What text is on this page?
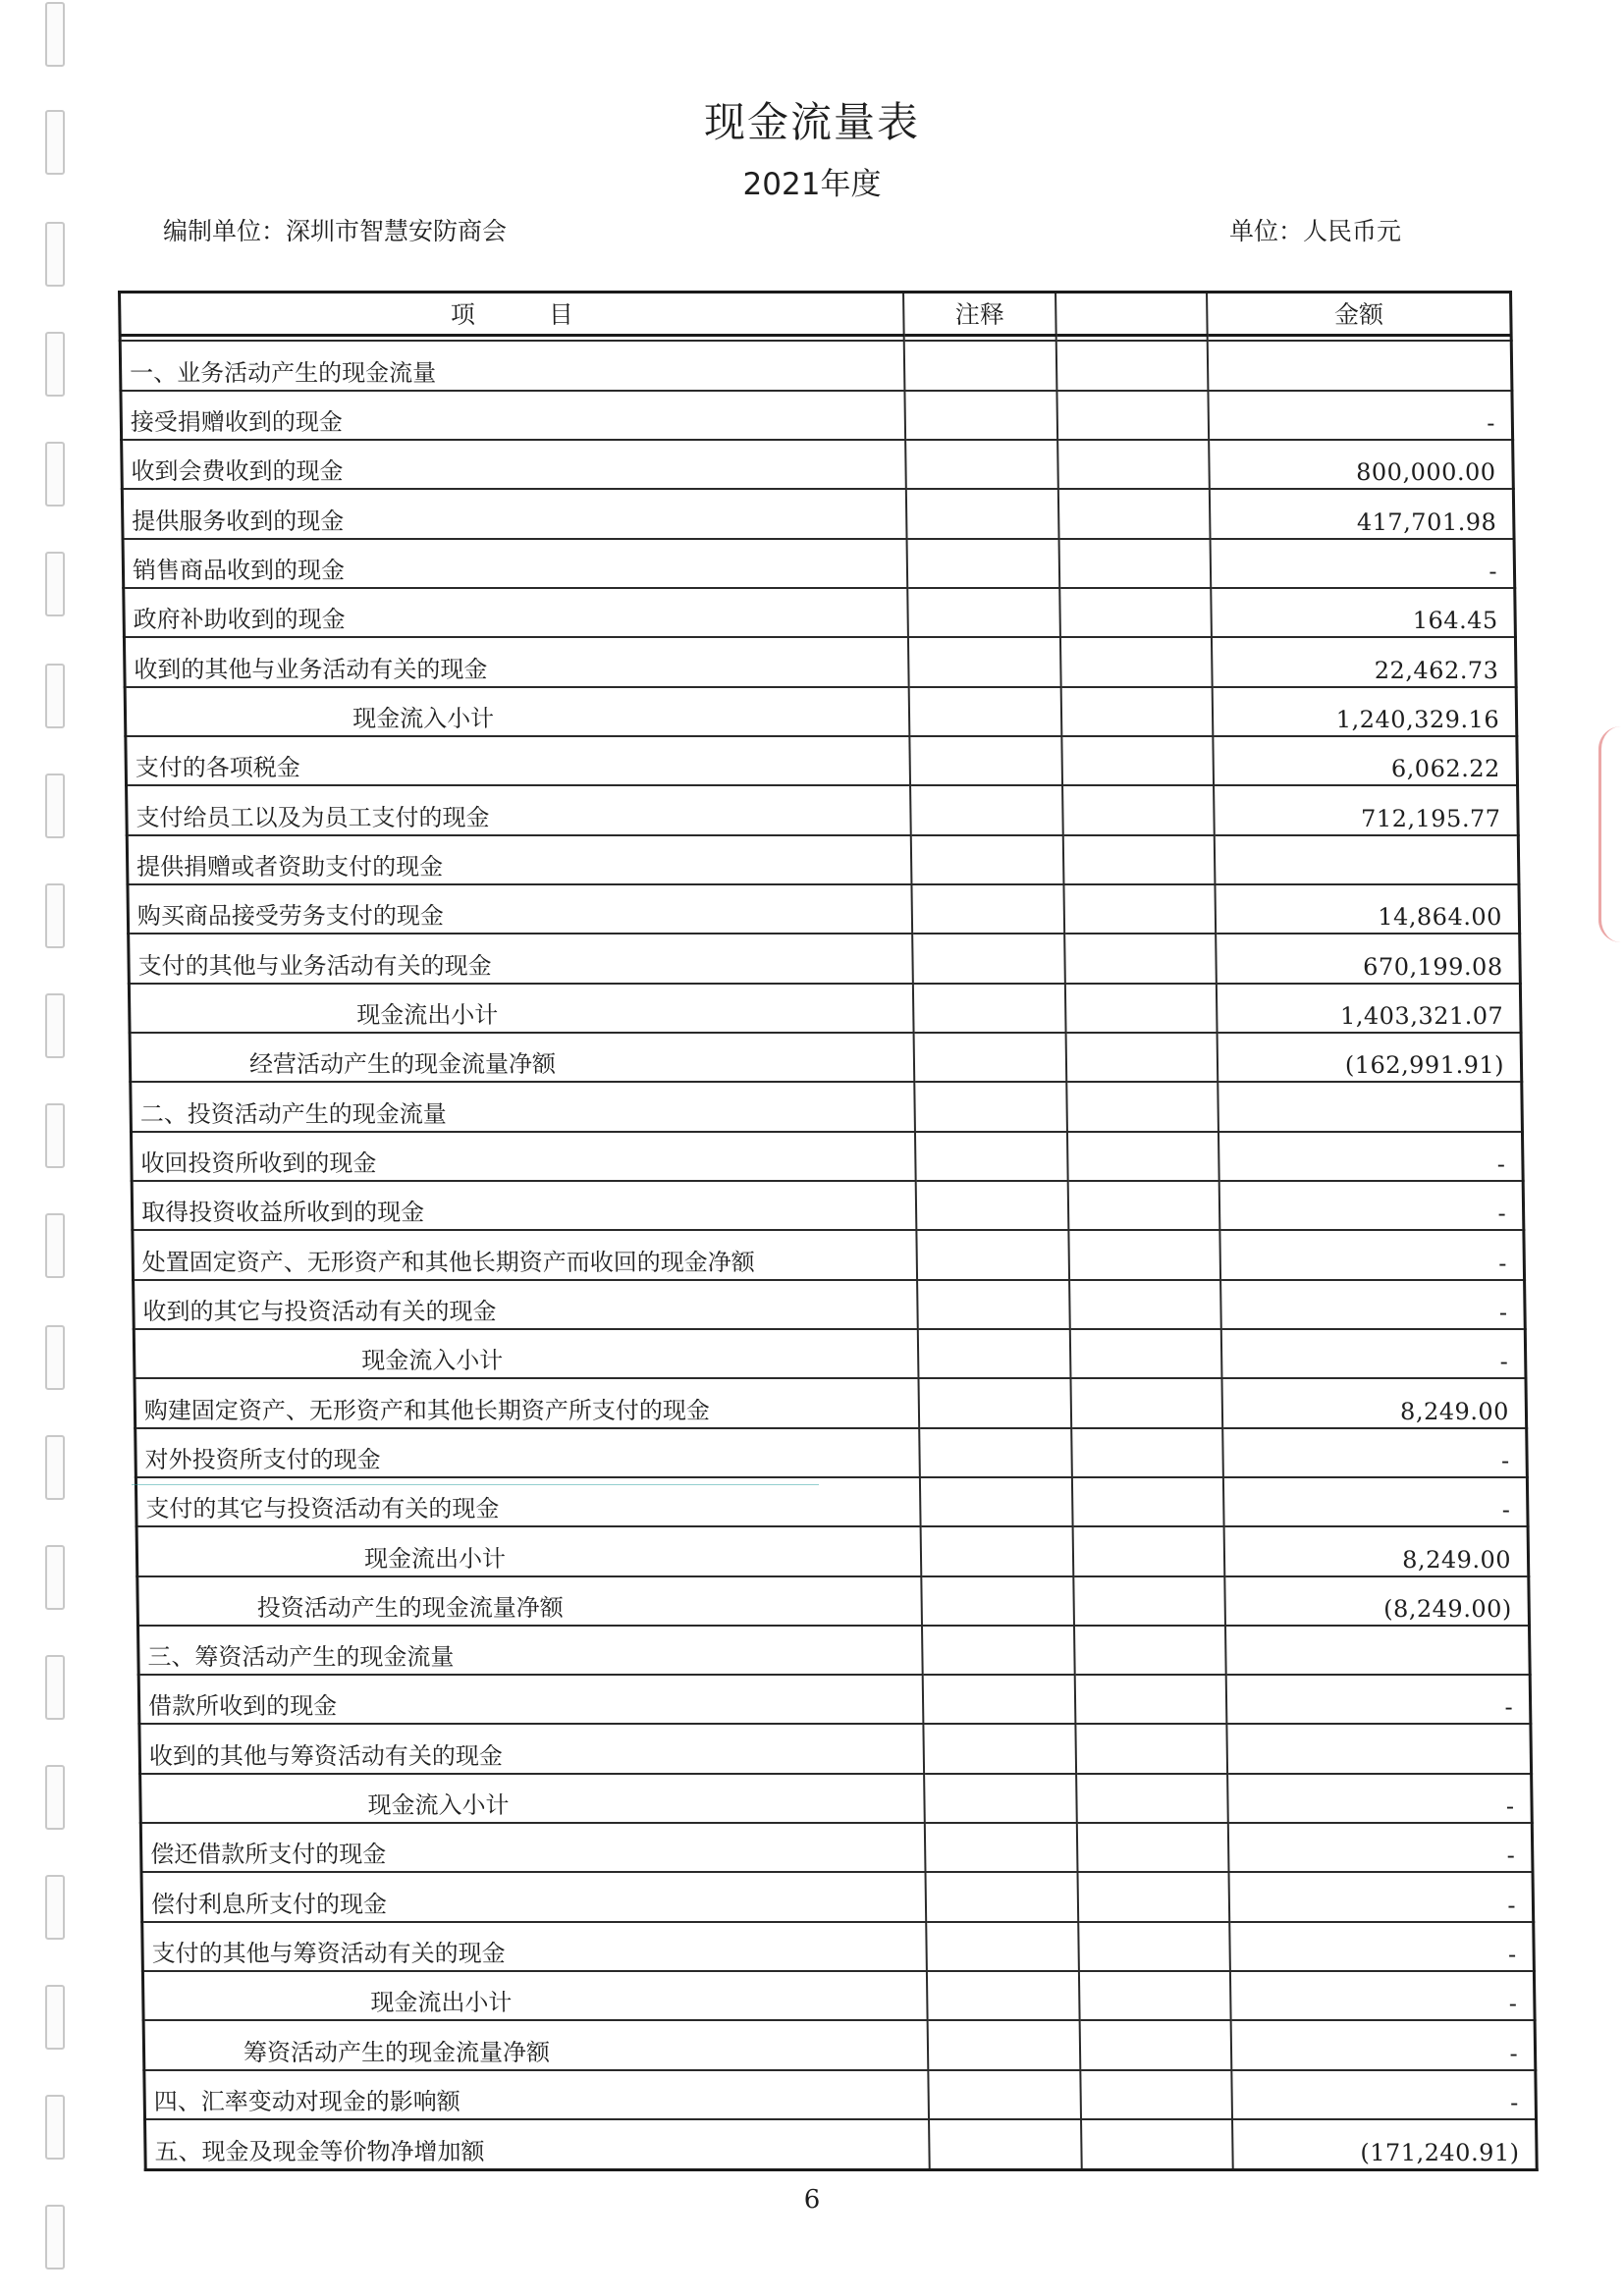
现金流量表
2021年度
编制单位：深圳市智慧安防商会	单位：人民币元
项　　　目	注释		金额

一、业务活动产生的现金流量			
接受捐赠收到的现金			-
收到会费收到的现金			800,000.00
提供服务收到的现金			417,701.98
销售商品收到的现金			-
政府补助收到的现金			164.45
收到的其他与业务活动有关的现金			22,462.73
现金流入小计			1,240,329.16
支付的各项税金			6,062.22
支付给员工以及为员工支付的现金			712,195.77
提供捐赠或者资助支付的现金			
购买商品接受劳务支付的现金			14,864.00
支付的其他与业务活动有关的现金			670,199.08
现金流出小计			1,403,321.07
经营活动产生的现金流量净额			(162,991.91)
二、投资活动产生的现金流量			
收回投资所收到的现金			-
取得投资收益所收到的现金			-
处置固定资产、无形资产和其他长期资产而收回的现金净额			-
收到的其它与投资活动有关的现金			-
现金流入小计			-
购建固定资产、无形资产和其他长期资产所支付的现金			8,249.00
对外投资所支付的现金			-
支付的其它与投资活动有关的现金			-
现金流出小计			8,249.00
投资活动产生的现金流量净额			(8,249.00)
三、筹资活动产生的现金流量			
借款所收到的现金			-
收到的其他与筹资活动有关的现金			
现金流入小计			-
偿还借款所支付的现金			-
偿付利息所支付的现金			-
支付的其他与筹资活动有关的现金			-
现金流出小计			-
筹资活动产生的现金流量净额			-
四、汇率变动对现金的影响额			-
五、现金及现金等价物净增加额			(171,240.91)
6
